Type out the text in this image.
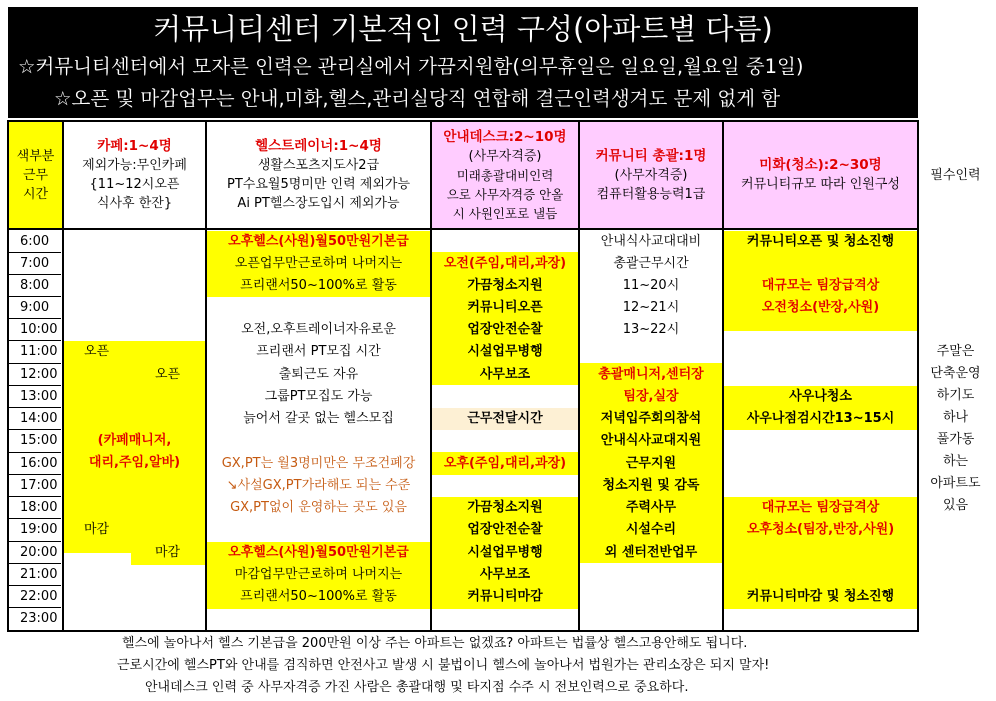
커뮤니티센터 기본적인 인력 구성(아파트별 다름)
☆커뮤니티센터에서 모자른 인력은 관리실에서 가끔지원함(의무휴일은 일요일,월요일 중1일)
☆오픈 및 마감업무는 안내,미화,헬스,관리실당직 연합해 결근인력생겨도 문제 없게 함
색부분
근무
시간
카페:1~4명
제외가능:무인카페
{11~12시오픈
식사후 한잔}
헬스트레이너:1~4명
생활스포츠지도사2급
PT수요월5명미만 인력 제외가능
Ai PT헬스장도입시 제외가능
안내데스크:2~10명
(사무자격증)
미래총괄대비인력
으로 사무자격증 안올
시 사원인포로 낼듬
커뮤니티 총괄:1명
(사무자격증)
컴퓨터활용능력1급
미화(청소):2~30명
커뮤니티규모 따라 인원구성
필수인력
6:00
7:00
8:00
9:00
10:00
11:00
12:00
13:00
14:00
15:00
16:00
17:00
18:00
19:00
20:00
21:00
22:00
23:00
오픈
오픈
(카페매니저,
대리,주임,알바)
마감
마감
오후헬스(사원)월50만원기본급
오픈업무만근로하며 나머지는
프리랜서50~100%로 활동
오전,오후트레이너자유로운
프리랜서 PT모집 시간
출퇴근도 자유
그룹PT모집도 가능
늙어서 갈곳 없는 헬스모집
GX,PT는 월3명미만은 무조건폐강
↘사설GX,PT가라해도 되는 수준
GX,PT없이 운영하는 곳도 있음
오후헬스(사원)월50만원기본급
마감업무만근로하며 나머지는
프리랜서50~100%로 활동
오전(주임,대리,과장)
가끔청소지원
커뮤니티오픈
업장안전순찰
시설업무병행
사무보조
근무전달시간
오후(주임,대리,과장)
가끔청소지원
업장안전순찰
시설업무병행
사무보조
커뮤니티마감
안내식사교대대비
총괄근무시간
11~20시
12~21시
13~22시
총괄매니저,센터장
팀장,실장
저녁입주회의참석
안내식사교대지원
근무지원
청소지원 및 감독
주력사무
시설수리
외 센터전반업무
커뮤니티오픈 및 청소진행
대규모는 팀장급격상
오전청소(반장,사원)
사우나청소
사우나점검시간13~15시
대규모는 팀장급격상
오후청소(팀장,반장,사원)
커뮤니티마감 및 청소진행
주말은
단축운영
하기도
하나
풀가동
하는
아파트도
있음
헬스에 놀아나서 헬스 기본급을 200만원 이상 주는 아파트는 없겠죠? 아파트는 법률상 헬스고용안해도 됩니다.
근로시간에 헬스PT와 안내를 겸직하면 안전사고 발생 시 불법이니 헬스에 놀아나서 법원가는 관리소장은 되지 말자!
안내데스크 인력 중 사무자격증 가진 사람은 총괄대행 및 타지점 수주 시 전보인력으로 중요하다.
